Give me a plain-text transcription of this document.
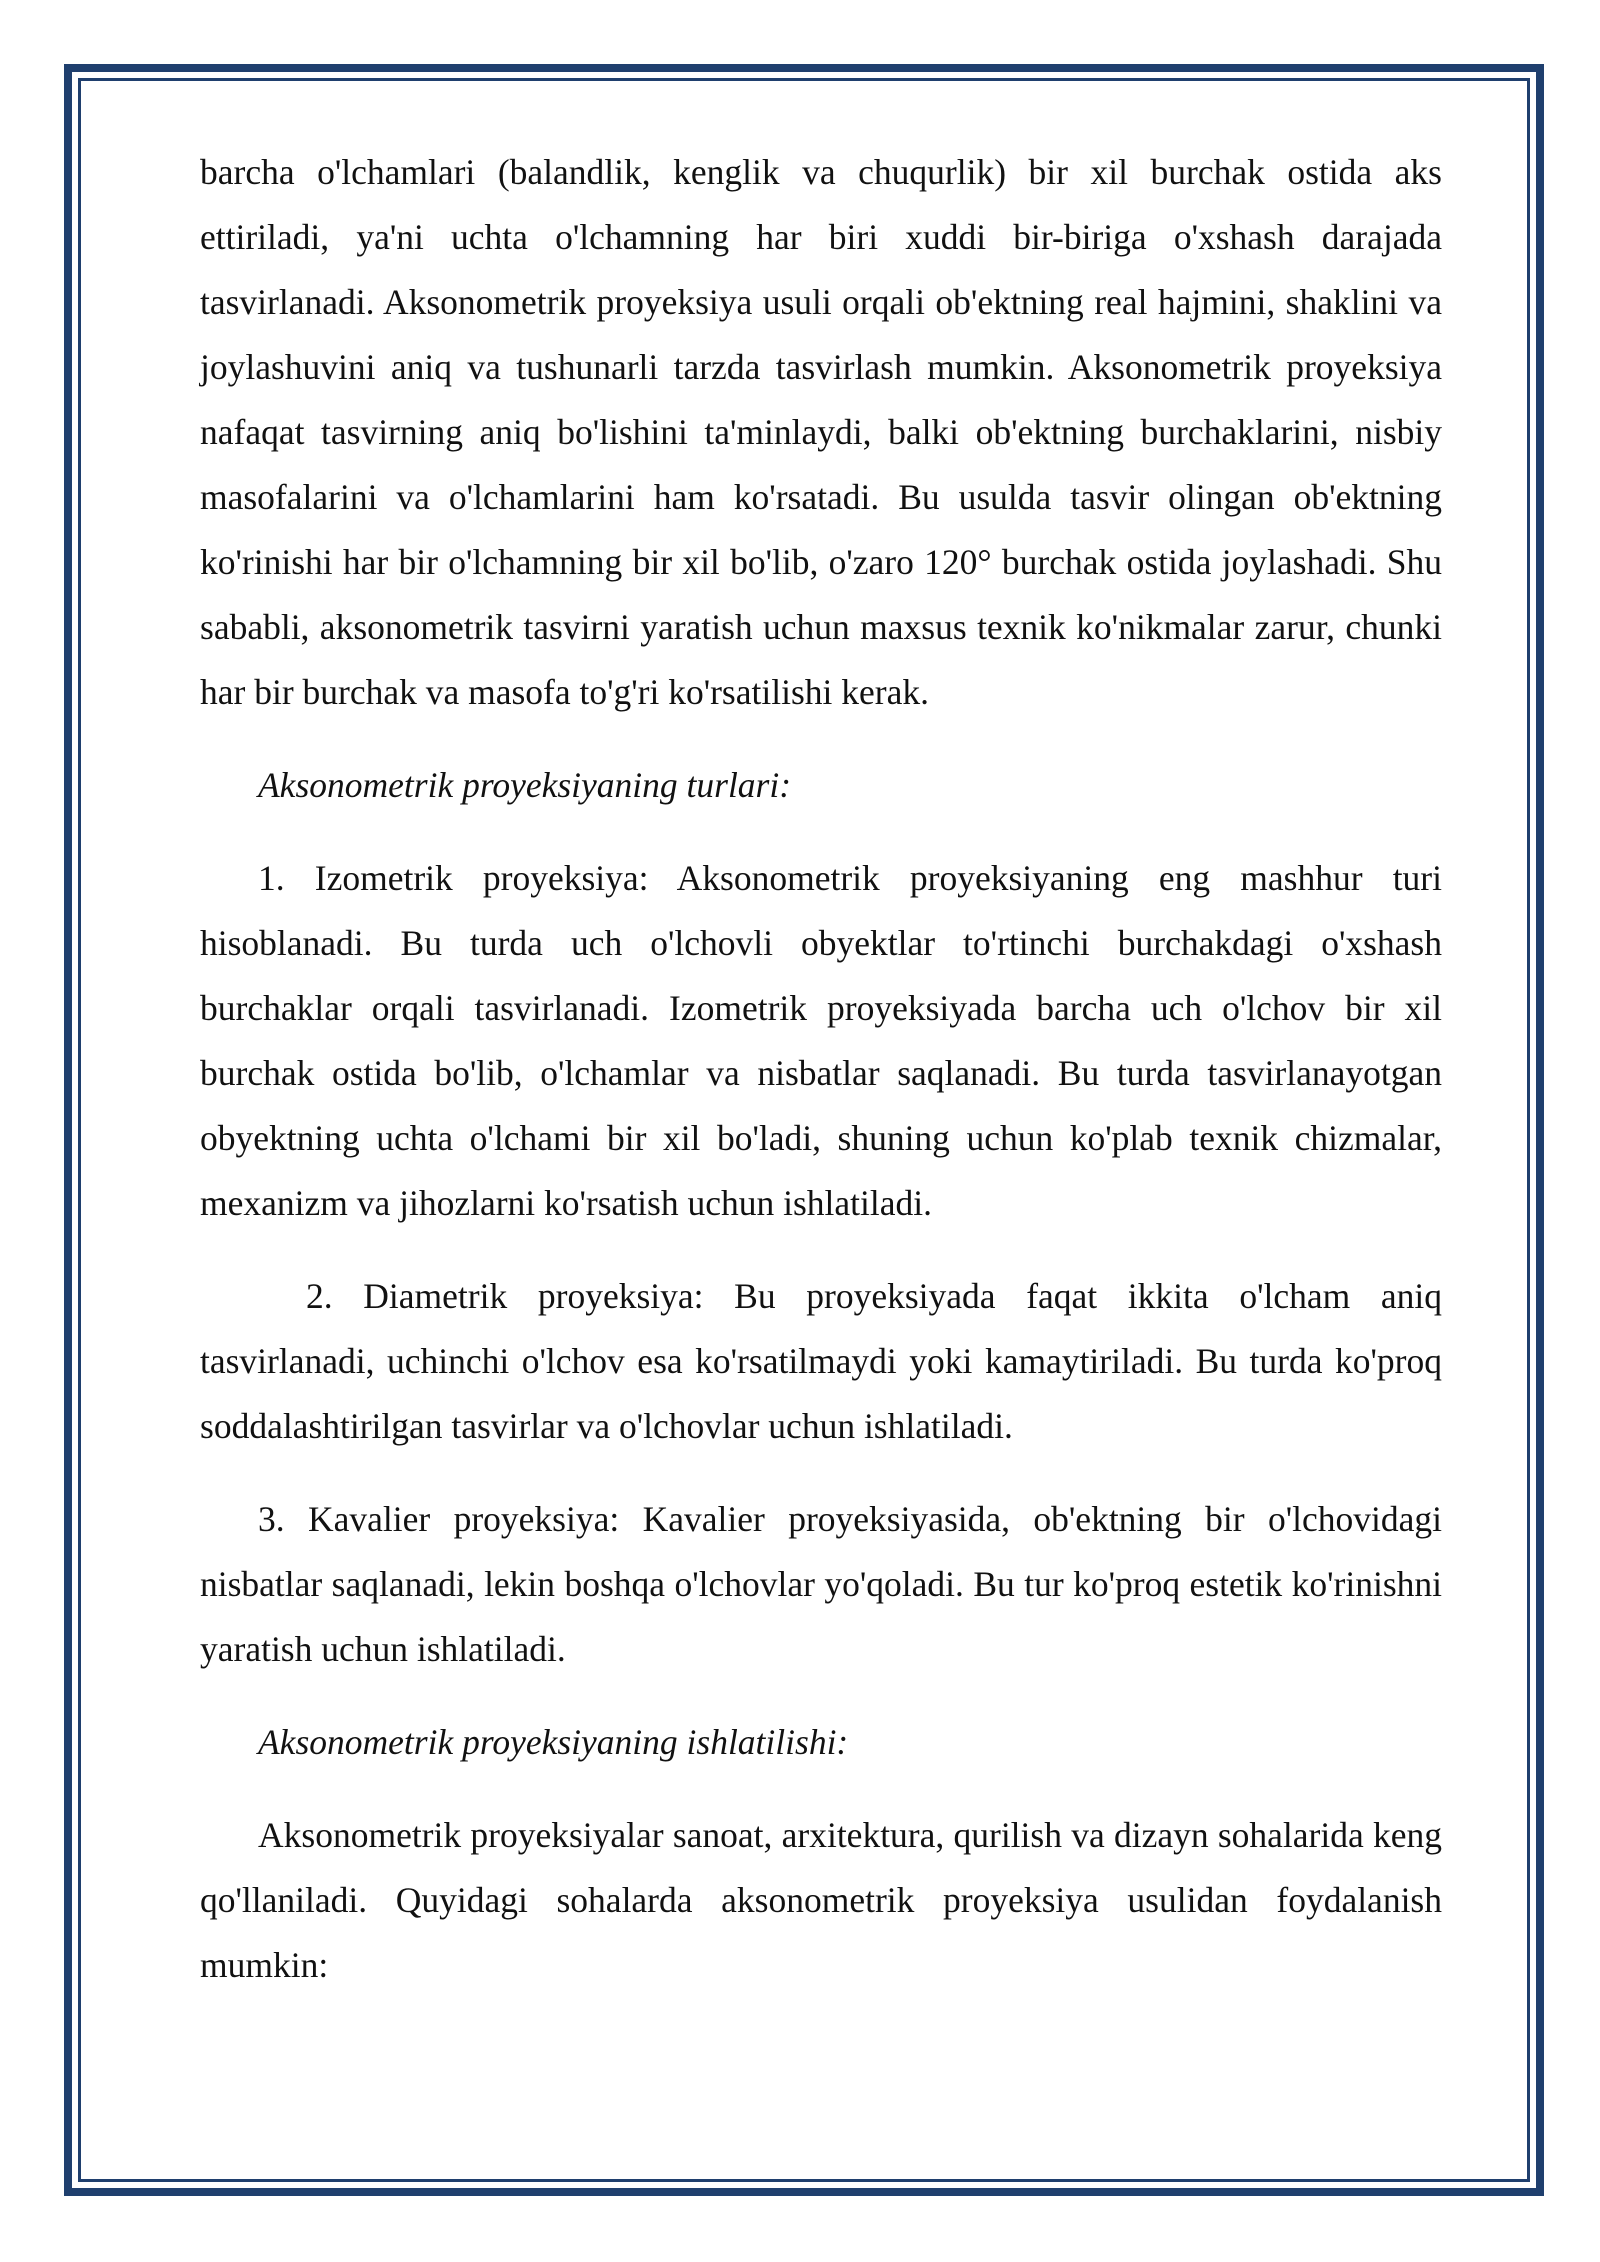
barcha o'lchamlari (balandlik, kenglik va chuqurlik) bir xil burchak ostida aks ettiriladi, ya'ni uchta o'lchamning har biri xuddi bir-biriga o'xshash darajada tasvirlanadi. Aksonometrik proyeksiya usuli orqali ob'ektning real hajmini, shaklini va joylashuvini aniq va tushunarli tarzda tasvirlash mumkin. Aksonometrik proyeksiya nafaqat tasvirning aniq bo'lishini ta'minlaydi, balki ob'ektning burchaklarini, nisbiy masofalarini va o'lchamlarini ham ko'rsatadi. Bu usulda tasvir olingan ob'ektning ko'rinishi har bir o'lchamning bir xil bo'lib, o'zaro 120° burchak ostida joylashadi. Shu sababli, aksonometrik tasvirni yaratish uchun maxsus texnik ko'nikmalar zarur, chunki har bir burchak va masofa to'g'ri ko'rsatilishi kerak.

Aksonometrik proyeksiyaning turlari:

1. Izometrik proyeksiya: Aksonometrik proyeksiyaning eng mashhur turi hisoblanadi. Bu turda uch o'lchovli obyektlar to'rtinchi burchakdagi o'xshash burchaklar orqali tasvirlanadi. Izometrik proyeksiyada barcha uch o'lchov bir xil burchak ostida bo'lib, o'lchamlar va nisbatlar saqlanadi. Bu turda tasvirlanayotgan obyektning uchta o'lchami bir xil bo'ladi, shuning uchun ko'plab texnik chizmalar, mexanizm va jihozlarni ko'rsatish uchun ishlatiladi.

2. Diametrik proyeksiya: Bu proyeksiyada faqat ikkita o'lcham aniq tasvirlanadi, uchinchi o'lchov esa ko'rsatilmaydi yoki kamaytiriladi. Bu turda ko'proq soddalashtirilgan tasvirlar va o'lchovlar uchun ishlatiladi.

3. Kavalier proyeksiya: Kavalier proyeksiyasida, ob'ektning bir o'lchovidagi nisbatlar saqlanadi, lekin boshqa o'lchovlar yo'qoladi. Bu tur ko'proq estetik ko'rinishni yaratish uchun ishlatiladi.

Aksonometrik proyeksiyaning ishlatilishi:

Aksonometrik proyeksiyalar sanoat, arxitektura, qurilish va dizayn sohalarida keng qo'llaniladi. Quyidagi sohalarda aksonometrik proyeksiya usulidan foydalanish mumkin:
